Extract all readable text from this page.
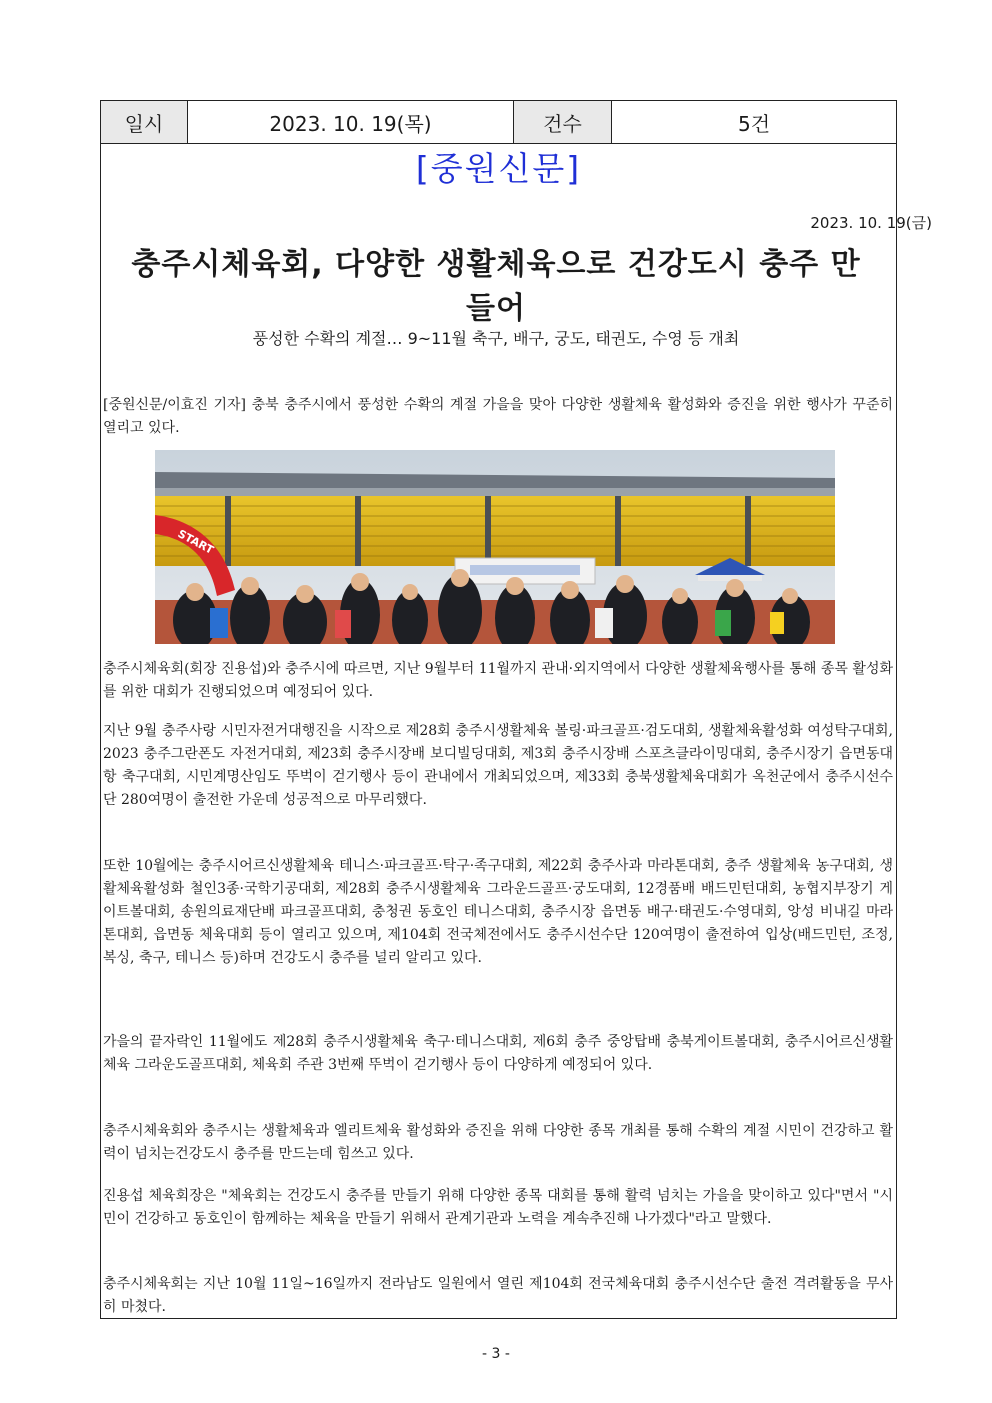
일시	2023. 10. 19(목)	건수	5건
[중원신문]
2023. 10. 19(금)
충주시체육회, 다양한 생활체육으로 건강도시 충주 만들어
풍성한 수확의 계절… 9~11월 축구, 배구, 궁도, 태권도, 수영 등 개최
[중원신문/이효진 기자] 충북 충주시에서 풍성한 수확의 계절 가을을 맞아 다양한 생활체육 활성화와 증진을 위한 행사가 꾸준히 열리고 있다.
START
충주시체육회(회장 진용섭)와 충주시에 따르면, 지난 9월부터 11월까지 관내·외지역에서 다양한 생활체육행사를 통해 종목 활성화를 위한 대회가 진행되었으며 예정되어 있다.
지난 9월 충주사랑 시민자전거대행진을 시작으로 제28회 충주시생활체육 볼링·파크골프·검도대회, 생활체육활성화 여성탁구대회, 2023 충주그란폰도 자전거대회, 제23회 충주시장배 보디빌딩대회, 제3회 충주시장배 스포츠클라이밍대회, 충주시장기 읍면동대항 축구대회, 시민계명산임도 뚜벅이 걷기행사 등이 관내에서 개최되었으며, 제33회 충북생활체육대회가 옥천군에서 충주시선수단 280여명이 출전한 가운데 성공적으로 마무리했다.
또한 10월에는 충주시어르신생활체육 테니스·파크골프·탁구·족구대회, 제22회 충주사과 마라톤대회, 충주 생활체육 농구대회, 생활체육활성화 철인3종·국학기공대회, 제28회 충주시생활체육 그라운드골프·궁도대회, 12경품배 배드민턴대회, 농협지부장기 게이트볼대회, 송원의료재단배 파크골프대회, 충청권 동호인 테니스대회, 충주시장 읍면동 배구·태권도·수영대회, 앙성 비내길 마라톤대회, 읍면동 체육대회 등이 열리고 있으며, 제104회 전국체전에서도 충주시선수단 120여명이 출전하여 입상(배드민턴, 조정, 복싱, 축구, 테니스 등)하며 건강도시 충주를 널리 알리고 있다.
가을의 끝자락인 11월에도 제28회 충주시생활체육 축구·테니스대회, 제6회 충주 중앙탑배 충북게이트볼대회, 충주시어르신생활체육 그라운도골프대회, 체육회 주관 3번째 뚜벅이 걷기행사 등이 다양하게 예정되어 있다.
충주시체육회와 충주시는 생활체육과 엘리트체육 활성화와 증진을 위해 다양한 종목 개최를 통해 수확의 계절 시민이 건강하고 활력이 넘치는건강도시 충주를 만드는데 힘쓰고 있다.
진용섭 체육회장은 "체육회는 건강도시 충주를 만들기 위해 다양한 종목 대회를 통해 활력 넘치는 가을을 맞이하고 있다"면서 "시민이 건강하고 동호인이 함께하는 체육을 만들기 위해서 관계기관과 노력을 계속추진해 나가겠다"라고 말했다.
충주시체육회는 지난 10월 11일~16일까지 전라남도 일원에서 열린 제104회 전국체육대회 충주시선수단 출전 격려활동을 무사히 마쳤다.
- 3 -
